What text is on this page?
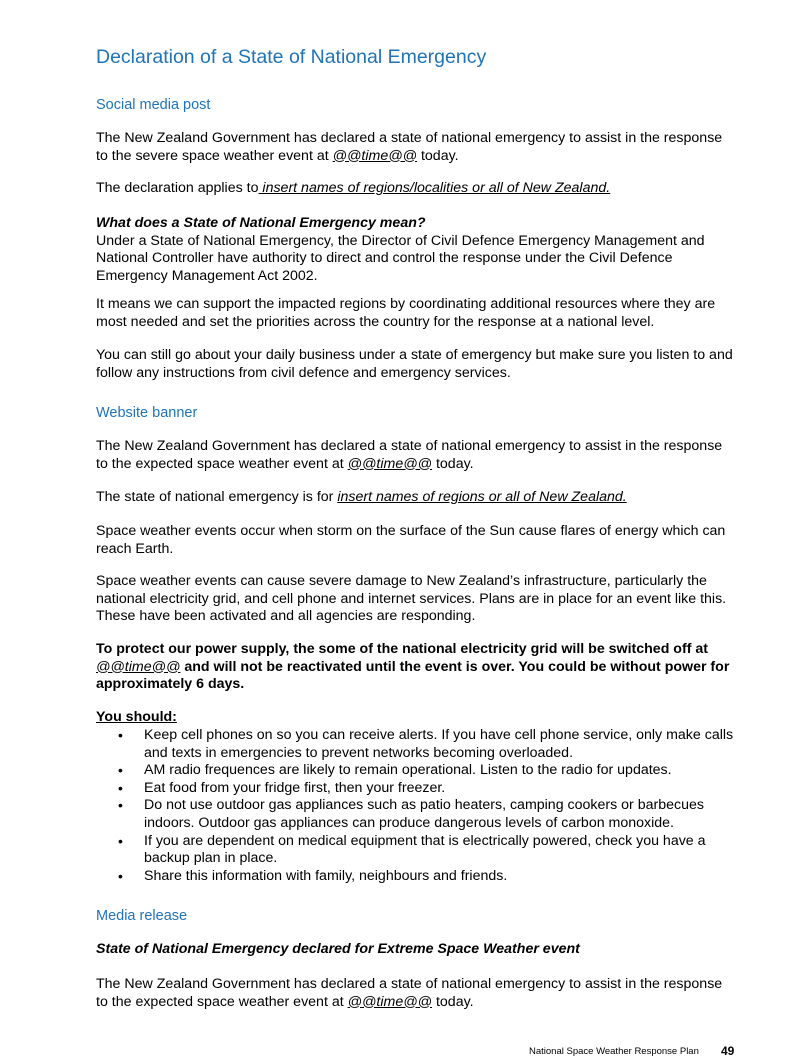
Declaration of a State of National Emergency
Social media post

The New Zealand Government has declared a state of national emergency to assist in the response to the severe space weather event at @@time@@ today.

The declaration applies to insert names of regions/localities or all of New Zealand.

What does a State of National Emergency mean?
Under a State of National Emergency, the Director of Civil Defence Emergency Management and National Controller have authority to direct and control the response under the Civil Defence Emergency Management Act 2002.

It means we can support the impacted regions by coordinating additional resources where they are most needed and set the priorities across the country for the response at a national level.

You can still go about your daily business under a state of emergency but make sure you listen to and follow any instructions from civil defence and emergency services.

Website banner

The New Zealand Government has declared a state of national emergency to assist in the response to the expected space weather event at @@time@@ today.

The state of national emergency is for insert names of regions or all of New Zealand.

Space weather events occur when storm on the surface of the Sun cause flares of energy which can reach Earth.

Space weather events can cause severe damage to New Zealand’s infrastructure, particularly the national electricity grid, and cell phone and internet services. Plans are in place for an event like this. These have been activated and all agencies are responding.

To protect our power supply, the some of the national electricity grid will be switched off at @@time@@ and will not be reactivated until the event is over. You could be without power for approximately 6 days.

You should:

• Keep cell phones on so you can receive alerts. If you have cell phone service, only make calls and texts in emergencies to prevent networks becoming overloaded.
• AM radio frequences are likely to remain operational. Listen to the radio for updates.
• Eat food from your fridge first, then your freezer.
• Do not use outdoor gas appliances such as patio heaters, camping cookers or barbecues indoors. Outdoor gas appliances can produce dangerous levels of carbon monoxide.
• If you are dependent on medical equipment that is electrically powered, check you have a backup plan in place.
• Share this information with family, neighbours and friends.
Media release

State of National Emergency declared for Extreme Space Weather event

The New Zealand Government has declared a state of national emergency to assist in the response to the expected space weather event at @@time@@ today.

National Space Weather Response Plan 49
